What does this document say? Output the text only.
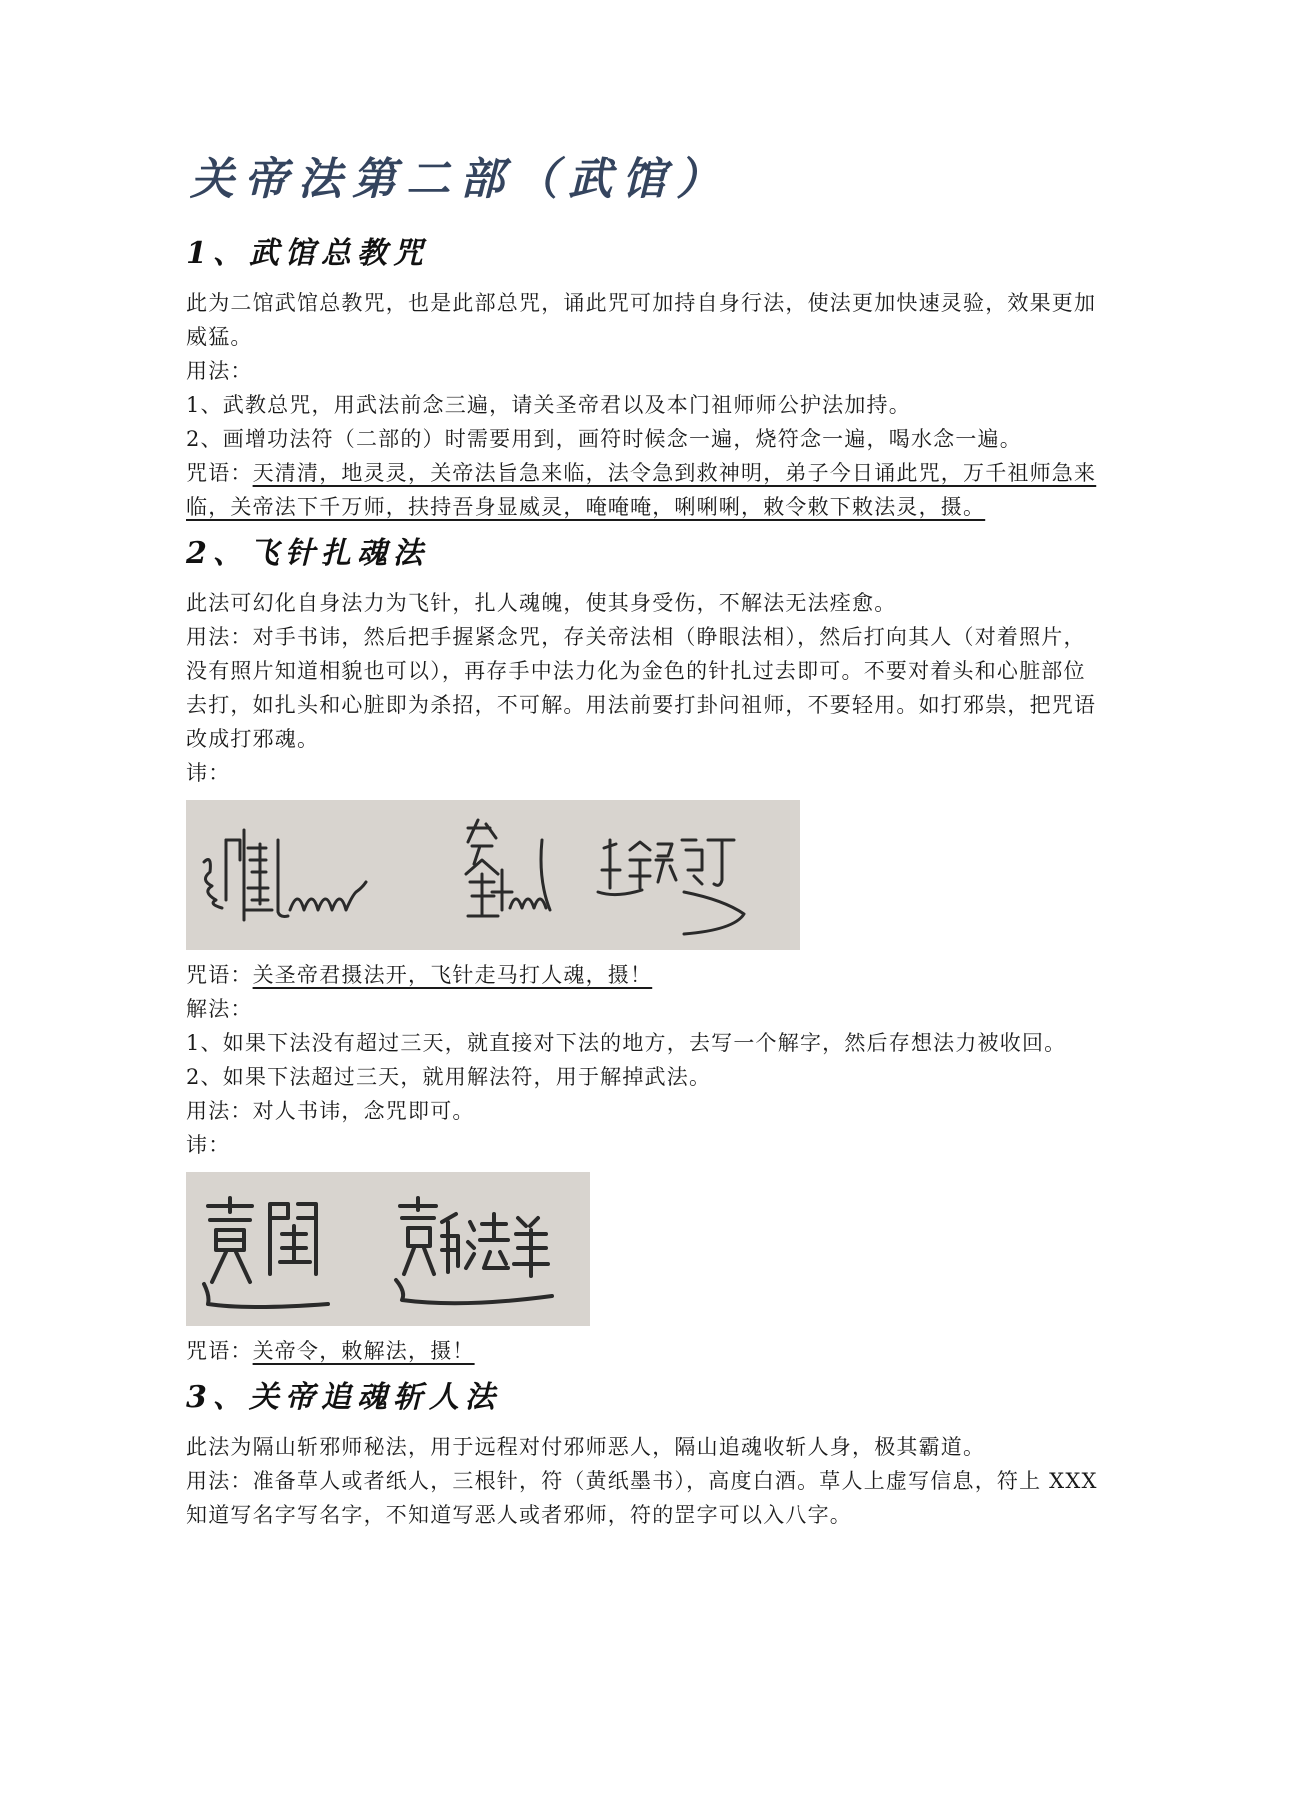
关帝法第二部（武馆）
1、武馆总教咒

此为二馆武馆总教咒，也是此部总咒，诵此咒可加持自身行法，使法更加快速灵验，效果更加威猛。

用法：

1、武教总咒，用武法前念三遍，请关圣帝君以及本门祖师师公护法加持。

2、画增功法符（二部的）时需要用到，画符时候念一遍，烧符念一遍，喝水念一遍。

咒语：天清清，地灵灵，关帝法旨急来临，法令急到救神明，弟子今日诵此咒，万千祖师急来临，关帝法下千万师，扶持吾身显威灵，唵唵唵，唎唎唎，敕令敕下敕法灵，摄。

2、飞针扎魂法

此法可幻化自身法力为飞针，扎人魂魄，使其身受伤，不解法无法痊愈。

用法：对手书讳，然后把手握紧念咒，存关帝法相（睁眼法相），然后打向其人（对着照片，没有照片知道相貌也可以），再存手中法力化为金色的针扎过去即可。不要对着头和心脏部位去打，如扎头和心脏即为杀招，不可解。用法前要打卦问祖师，不要轻用。如打邪祟，把咒语改成打邪魂。

讳：

咒语：关圣帝君摄法开，飞针走马打人魂，摄！

解法：

1、如果下法没有超过三天，就直接对下法的地方，去写一个解字，然后存想法力被收回。

2、如果下法超过三天，就用解法符，用于解掉武法。

用法：对人书讳，念咒即可。

讳：

咒语：关帝令，敕解法，摄！

3、关帝追魂斩人法

此法为隔山斩邪师秘法，用于远程对付邪师恶人，隔山追魂收斩人身，极其霸道。

用法：准备草人或者纸人，三根针，符（黄纸墨书），高度白酒。草人上虚写信息，符上 XXX 知道写名字写名字，不知道写恶人或者邪师，符的罡字可以入八字。
